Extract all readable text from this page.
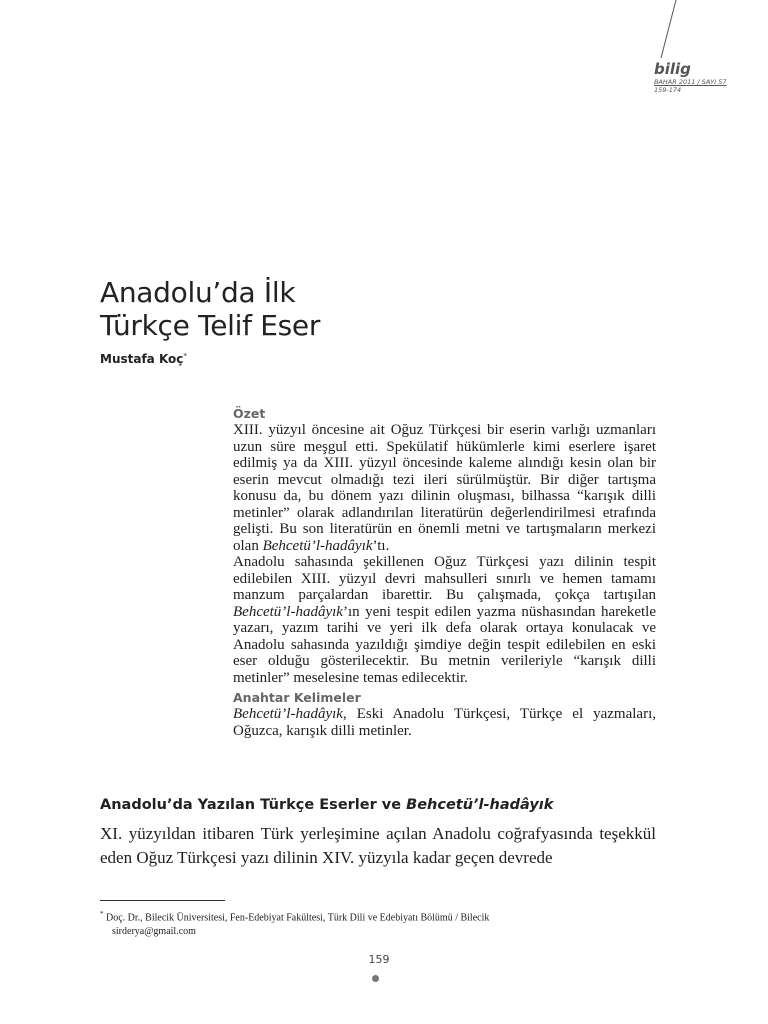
bilig
BAHAR 2011 / SAYI 57
159-174
Anadolu’da İlk
Türkçe Telif Eser
Mustafa Koç*
Özet

XIII. yüzyıl öncesine ait Oğuz Türkçesi bir eserin varlığı uzmanları uzun süre meşgul etti. Spekülatif hükümlerle kimi eserlere işaret edilmiş ya da XIII. yüzyıl öncesinde kaleme alındığı kesin olan bir eserin mevcut olmadığı tezi ileri sürülmüştür. Bir diğer tartışma konusu da, bu dönem yazı dilinin oluşması, bilhassa “karışık dilli metinler” olarak adlandırılan literatürün değerlendirilmesi etrafında gelişti. Bu son literatürün en önemli metni ve tartışmaların merkezi olan Behcetü’l-hadâyık’tı.

Anadolu sahasında şekillenen Oğuz Türkçesi yazı dilinin tespit edilebilen XIII. yüzyıl devri mahsulleri sınırlı ve hemen tamamı manzum parçalardan ibarettir. Bu çalışmada, çokça tartışılan Behcetü’l-hadâyık’ın yeni tespit edilen yazma nüshasından hareketle yazarı, yazım tarihi ve yeri ilk defa olarak ortaya konulacak ve Anadolu sahasında yazıldığı şimdiye değin tespit edilebilen en eski eser olduğu gösterilecektir. Bu metnin verileriyle “karışık dilli metinler” meselesine temas edilecektir.

Anahtar Kelimeler

Behcetü’l-hadâyık, Eski Anadolu Türkçesi, Türkçe el yazmaları, Oğuzca, karışık dilli metinler.

Anadolu’da Yazılan Türkçe Eserler ve Behcetü’l-hadâyık

XI. yüzyıldan itibaren Türk yerleşimine açılan Anadolu coğrafyasında teşekkül eden Oğuz Türkçesi yazı dilinin XIV. yüzyıla kadar geçen devrede

* Doç. Dr., Bilecik Üniversitesi, Fen-Edebiyat Fakültesi, Türk Dili ve Edebiyatı Bölümü / Bilecik
sirderya@gmail.com
159
